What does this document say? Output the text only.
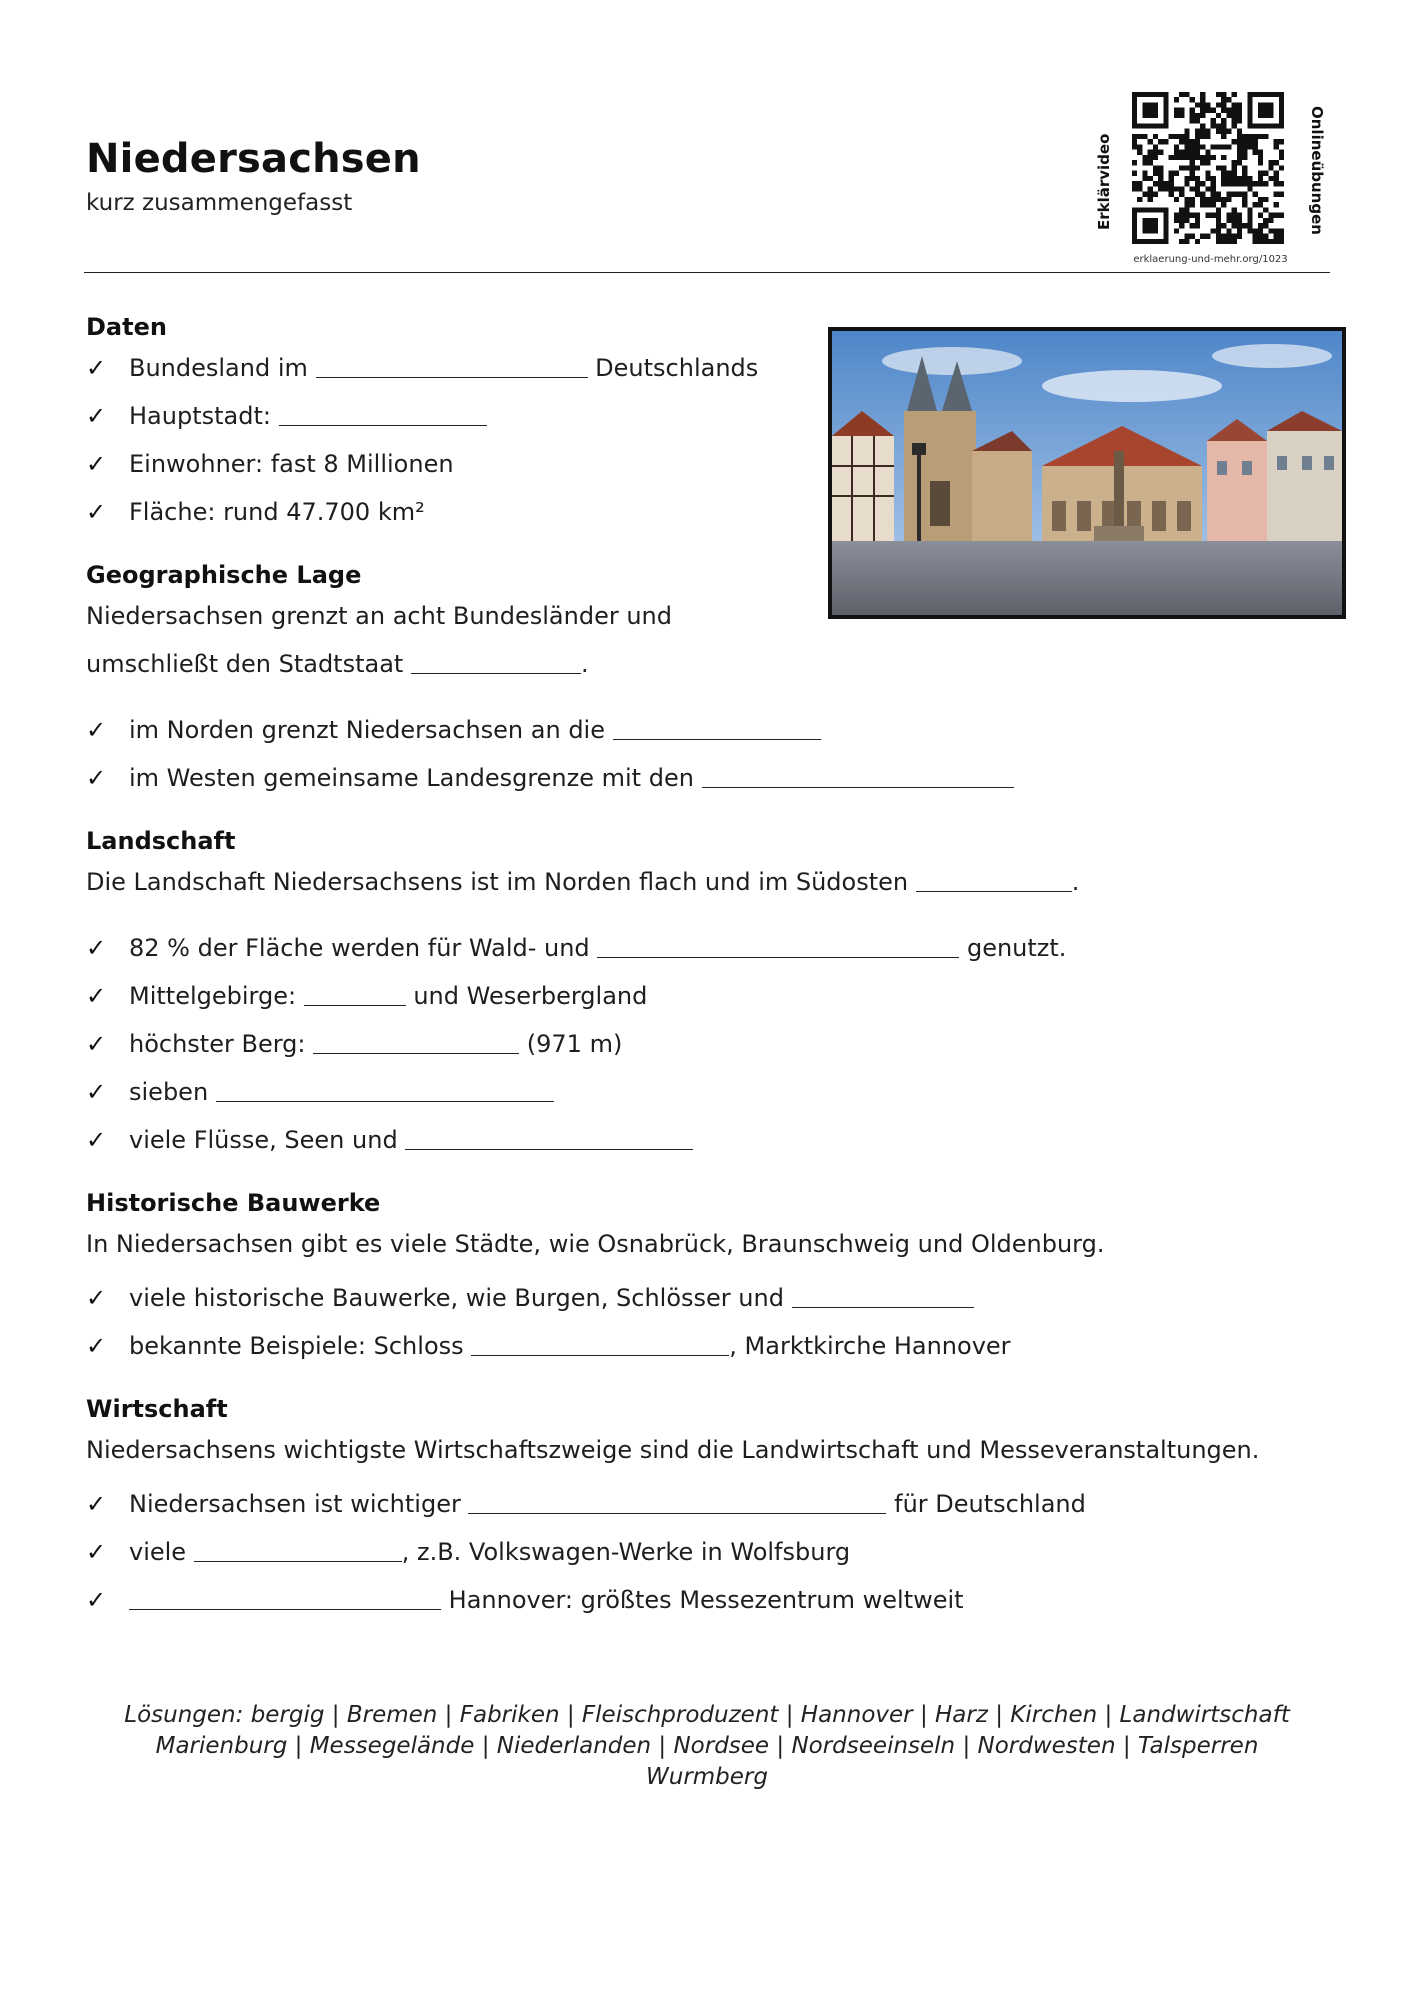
Niedersachsen
kurz zusammengefasst	Erklärvideo	Onlineübungen
erklaerung-und-mehr.org/1023
Daten
✓ Bundesland im	Deutschlands
✓ Hauptstadt:
✓ Einwohner: fast 8 Millionen
✓ Fläche: rund 47.700 km²
Geographische Lage
Niedersachsen grenzt an acht Bundesländer und
umschließt den Stadtstaat	.
✓ im Norden grenzt Niedersachsen an die
✓ im Westen gemeinsame Landesgrenze mit den
Landschaft
Die Landschaft Niedersachsens ist im Norden flach und im Südosten	.
✓ 82 % der Fläche werden für Wald- und	genutzt.
✓ Mittelgebirge:	und Weserbergland
✓ höchster Berg:	(971 m)
✓ sieben
✓ viele Flüsse, Seen und
Historische Bauwerke
In Niedersachsen gibt es viele Städte, wie Osnabrück, Braunschweig und Oldenburg.
✓ viele historische Bauwerke, wie Burgen, Schlösser und
✓ bekannte Beispiele: Schloss	, Marktkirche Hannover
Wirtschaft
Niedersachsens wichtigste Wirtschaftszweige sind die Landwirtschaft und Messeveranstaltungen.
✓ Niedersachsen ist wichtiger	für Deutschland
✓ viele	, z.B. Volkswagen-Werke in Wolfsburg
✓	Hannover: größtes Messezentrum weltweit
Lösungen: bergig | Bremen | Fabriken | Fleischproduzent | Hannover | Harz | Kirchen | Landwirtschaft
Marienburg | Messegelände | Niederlanden | Nordsee | Nordseeinseln | Nordwesten | Talsperren
Wurmberg
